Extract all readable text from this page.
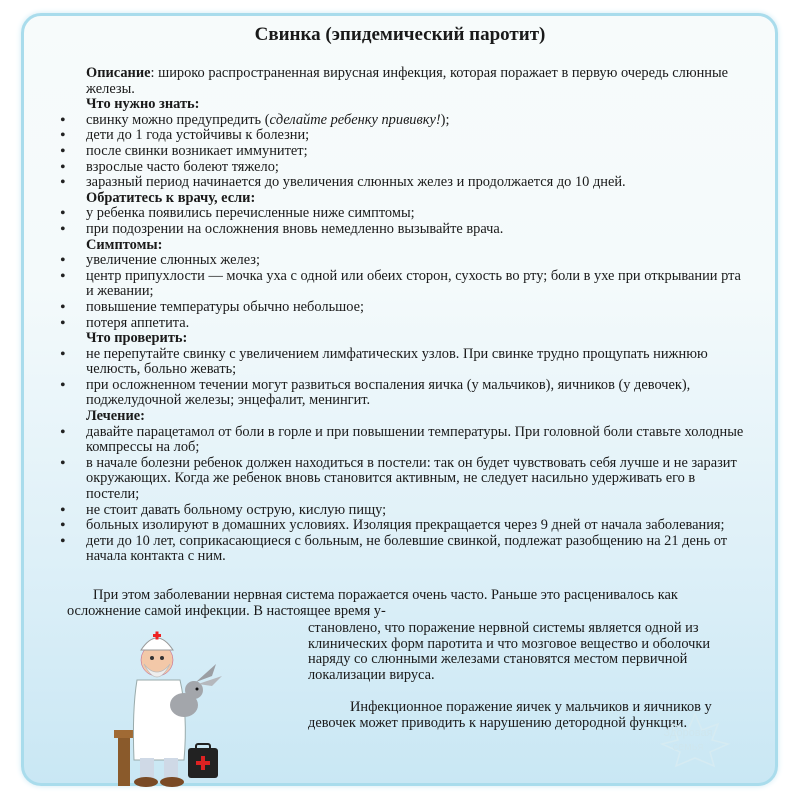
Свинка (эпидемический паротит)

Описание: широко распространенная вирусная инфекция, которая поражает в первую очередь слюнные железы.

Что нужно знать:

• свинку можно предупредить (сделайте ребенку прививку!);
• дети до 1 года устойчивы к болезни;
• после свинки возникает иммунитет;
• взрослые часто болеют тяжело;
• заразный период начинается до увеличения слюнных желез и продолжается до 10 дней.

Обратитесь к врачу, если:

• у ребенка появились перечисленные ниже симптомы;
• при подозрении на осложнения вновь немедленно вызывайте врача.

Симптомы:

• увеличение слюнных желез;
• центр припухлости — мочка уха с одной или обеих сторон, сухость во рту; боли в ухе при открывании рта и жевании;
• повышение температуры обычно небольшое;
• потеря аппетита.

Что проверить:

• не перепутайте свинку с увеличением лимфатических узлов. При свинке трудно прощупать нижнюю челюсть, больно жевать;
• при осложненном течении могут развиться воспаления яичка (у мальчиков), яичников (у девочек), поджелудочной железы; энцефалит, менингит.

Лечение:

• давайте парацетамол от боли в горле и при повышении температуры. При головной боли ставьте холодные компрессы на лоб;
• в начале болезни ребенок должен находиться в постели: так он будет чувствовать себя лучше и не заразит окружающих. Когда же ребенок вновь становится активным, не следует насильно удерживать его в постели;
• не стоит давать больному острую, кислую пищу;
• больных изолируют в домашних условиях. Изоляция прекращается через 9 дней от начала заболевания;
• дети до 10 лет, соприкасающиеся с больным, не болевшие свинкой, подлежат разобщению на 21 день от начала контакта с ним.
При этом заболевании нервная система поражается очень часто. Раньше это расценивалось как осложнение самой инфекции. В настоящее время у-
становлено, что поражение нервной системы является одной из клинических форм паротита и что мозговое вещество и оболочки наряду со слюнными железами становятся местом первичной локализации вируса.
Инфекционное поражение яичек у мальчиков и яичников у девочек может приводить к нарушению детородной функции.
Здоровая
семья
